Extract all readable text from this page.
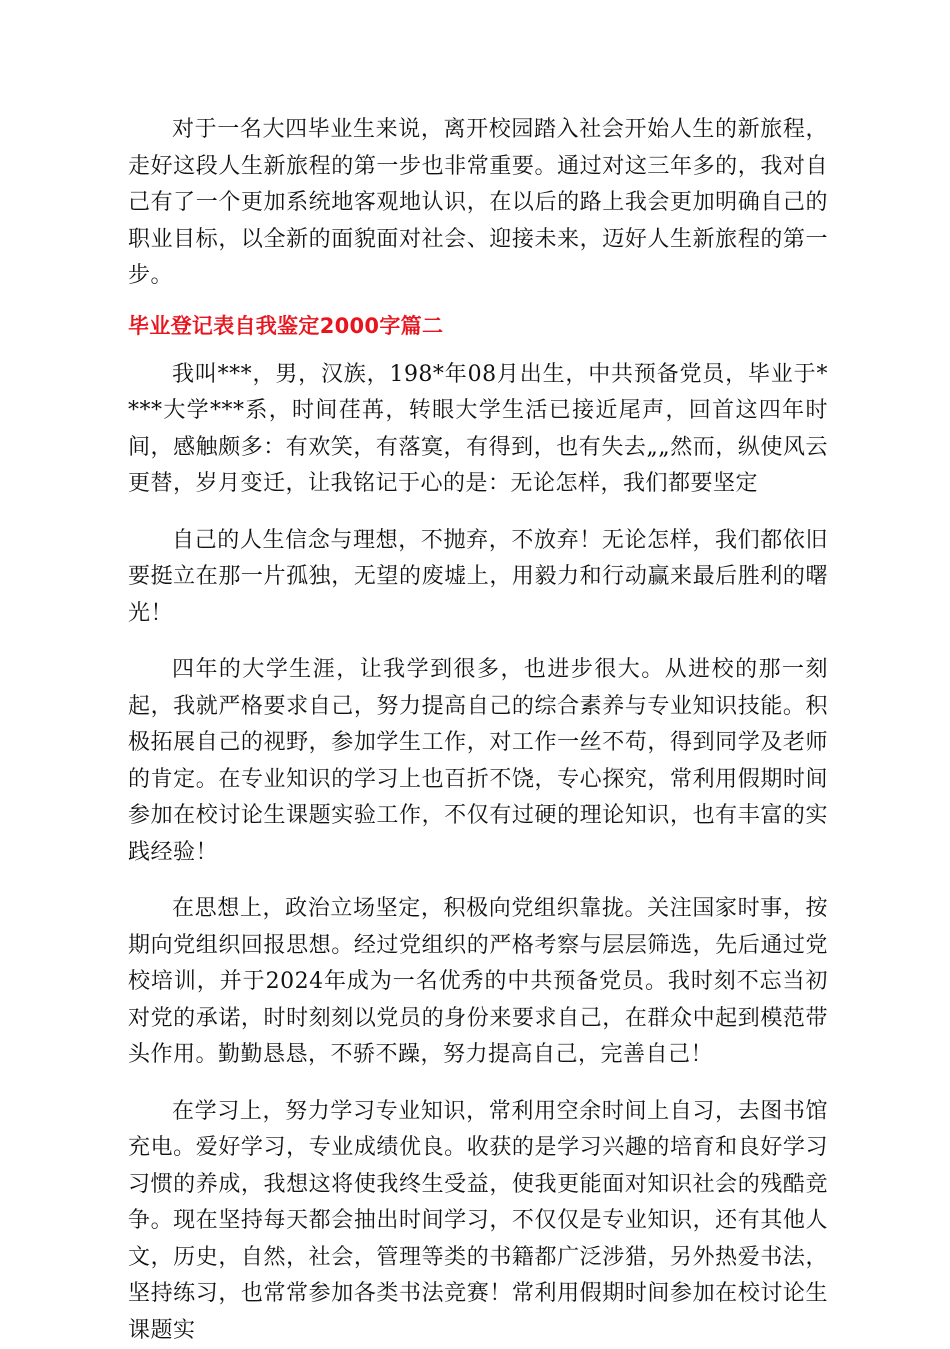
对于一名大四毕业生来说，离开校园踏入社会开始人生的新旅程，走好这段人生新旅程的第一步也非常重要。通过对这三年多的，我对自己有了一个更加系统地客观地认识，在以后的路上我会更加明确自己的职业目标，以全新的面貌面对社会、迎接未来，迈好人生新旅程的第一步。

毕业登记表自我鉴定2000字篇二

我叫***，男，汉族，198*年08月出生，中共预备党员，毕业于****大学***系，时间荏苒，转眼大学生活已接近尾声，回首这四年时间，感触颇多：有欢笑，有落寞，有得到，也有失去„„然而，纵使风云更替，岁月变迁，让我铭记于心的是：无论怎样，我们都要坚定

自己的人生信念与理想，不抛弃，不放弃！无论怎样，我们都依旧要挺立在那一片孤独，无望的废墟上，用毅力和行动赢来最后胜利的曙光！

四年的大学生涯，让我学到很多，也进步很大。从进校的那一刻起，我就严格要求自己，努力提高自己的综合素养与专业知识技能。积极拓展自己的视野，参加学生工作，对工作一丝不苟，得到同学及老师的肯定。在专业知识的学习上也百折不饶，专心探究，常利用假期时间参加在校讨论生课题实验工作，不仅有过硬的理论知识，也有丰富的实践经验！

在思想上，政治立场坚定，积极向党组织靠拢。关注国家时事，按期向党组织回报思想。经过党组织的严格考察与层层筛选，先后通过党校培训，并于2024年成为一名优秀的中共预备党员。我时刻不忘当初对党的承诺，时时刻刻以党员的身份来要求自己，在群众中起到模范带头作用。勤勤恳恳，不骄不躁，努力提高自己，完善自己！

在学习上，努力学习专业知识，常利用空余时间上自习，去图书馆充电。爱好学习，专业成绩优良。收获的是学习兴趣的培育和良好学习习惯的养成，我想这将使我终生受益，使我更能面对知识社会的残酷竞争。现在坚持每天都会抽出时间学习，不仅仅是专业知识，还有其他人文，历史，自然，社会，管理等类的书籍都广泛涉猎，另外热爱书法，坚持练习，也常常参加各类书法竞赛！常利用假期时间参加在校讨论生课题实
